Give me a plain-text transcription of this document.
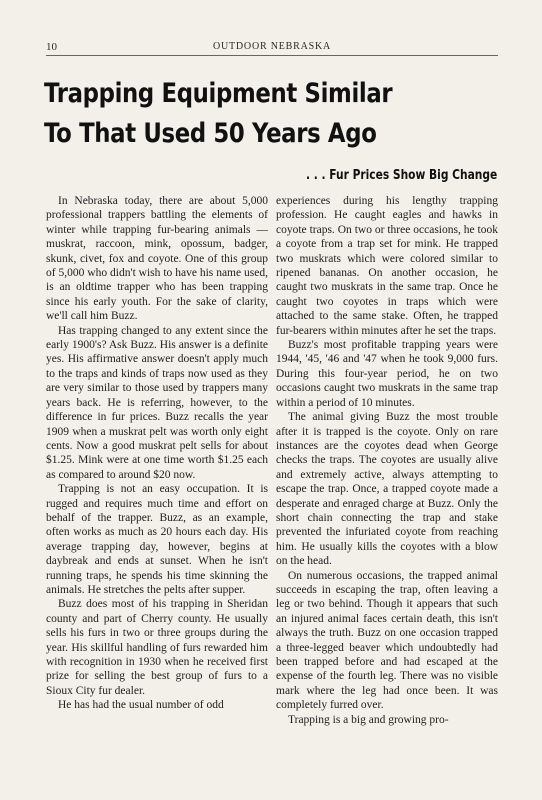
10	OUTDOOR NEBRASKA
Trapping Equipment Similar
To That Used 50 Years Ago
. . . Fur Prices Show Big Change

In Nebraska today, there are about 5,000 professional trappers battling the elements of winter while trapping fur-bearing animals — muskrat, raccoon, mink, opossum, badger, skunk, civet, fox and coyote. One of this group of 5,000 who didn't wish to have his name used, is an oldtime trapper who has been trapping since his early youth. For the sake of clarity, we'll call him Buzz.

Has trapping changed to any extent since the early 1900's? Ask Buzz. His answer is a definite yes. His affirmative answer doesn't apply much to the traps and kinds of traps now used as they are very similar to those used by trappers many years back. He is referring, however, to the difference in fur prices. Buzz recalls the year 1909 when a muskrat pelt was worth only eight cents. Now a good muskrat pelt sells for about $1.25. Mink were at one time worth $1.25 each as compared to around $20 now.

Trapping is not an easy occupation. It is rugged and requires much time and effort on behalf of the trapper. Buzz, as an example, often works as much as 20 hours each day. His average trapping day, however, begins at daybreak and ends at sunset. When he isn't running traps, he spends his time skinning the animals. He stretches the pelts after supper.

Buzz does most of his trapping in Sheridan county and part of Cherry county. He usually sells his furs in two or three groups during the year. His skillful handling of furs rewarded him with recognition in 1930 when he received first prize for selling the best group of furs to a Sioux City fur dealer.

He has had the usual number of odd

experiences during his lengthy trapping profession. He caught eagles and hawks in coyote traps. On two or three occasions, he took a coyote from a trap set for mink. He trapped two muskrats which were colored similar to ripened bananas. On another occasion, he caught two muskrats in the same trap. Once he caught two coyotes in traps which were attached to the same stake. Often, he trapped fur-bearers within minutes after he set the traps.

Buzz's most profitable trapping years were 1944, '45, '46 and '47 when he took 9,000 furs. During this four-year period, he on two occasions caught two muskrats in the same trap within a period of 10 minutes.

The animal giving Buzz the most trouble after it is trapped is the coyote. Only on rare instances are the coyotes dead when George checks the traps. The coyotes are usually alive and extremely active, always attempting to escape the trap. Once, a trapped coyote made a desperate and enraged charge at Buzz. Only the short chain connecting the trap and stake prevented the infuriated coyote from reaching him. He usually kills the coyotes with a blow on the head.

On numerous occasions, the trapped animal succeeds in escaping the trap, often leaving a leg or two behind. Though it appears that such an injured animal faces certain death, this isn't always the truth. Buzz on one occasion trapped a three-legged beaver which undoubtedly had been trapped before and had escaped at the expense of the fourth leg. There was no visible mark where the leg had once been. It was completely furred over.

Trapping is a big and growing pro-
